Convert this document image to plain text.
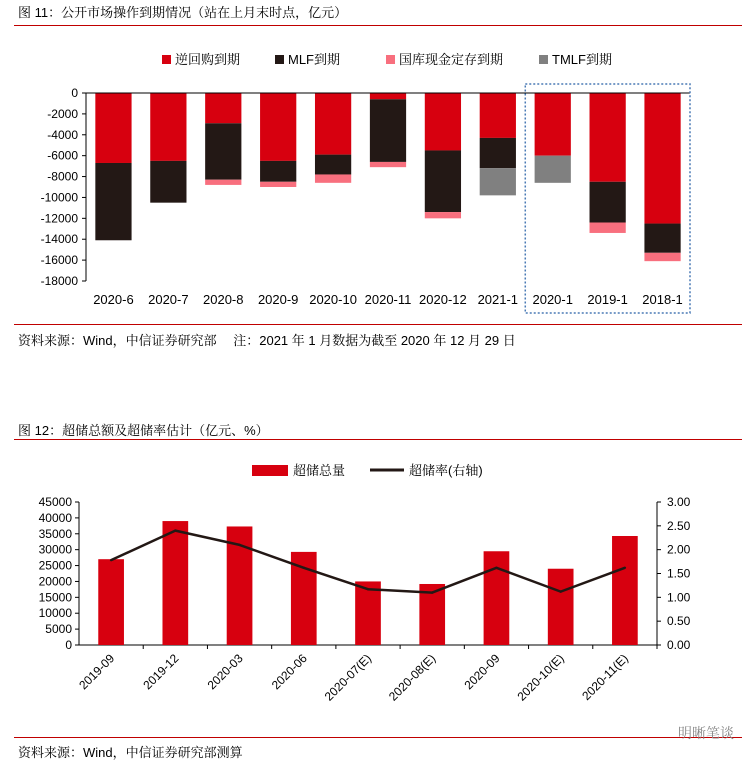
图 11：公开市场操作到期情况（站在上月末时点，亿元）
逆回购到期	MLF到期	国库现金定存到期	TMLF到期
0
-2000
-4000
-6000
-8000
-10000
-12000
-14000
-16000
-18000
2020-6 2020-7 2020-8 2020-9 2020-10 2020-11 2020-12 2021-1 2020-1 2019-1 2018-1
资料来源：Wind，中信证券研究部　 注：2021 年 1 月数据为截至 2020 年 12 月 29 日
图 12：超储总额及超储率估计（亿元、%）
超储总量	超储率(右轴)
0
5000
10000
15000
20000
25000
30000
35000
40000
45000
0.00
0.50
1.00
1.50
2.00
2.50
3.00
2019-09 2019-12 2020-03 2020-06 2020-07(E) 2020-08(E) 2020-09 2020-10(E) 2020-11(E)
资料来源：Wind，中信证券研究部测算
明晰笔谈
